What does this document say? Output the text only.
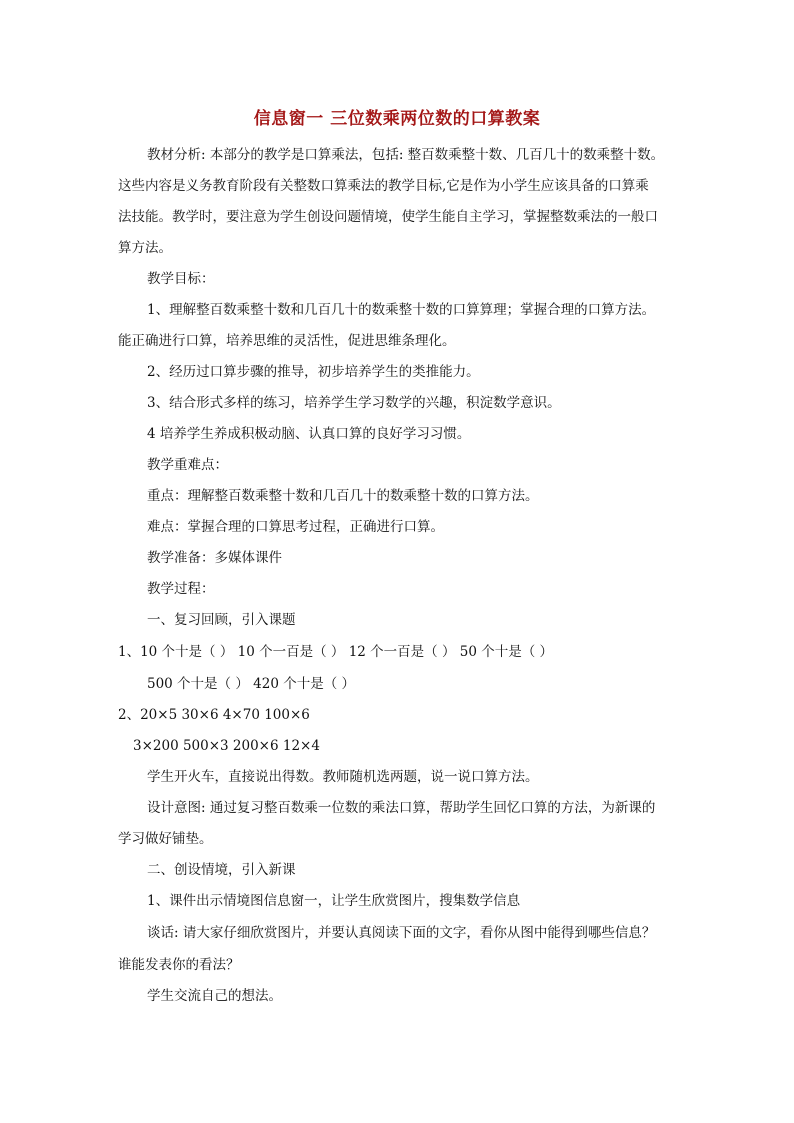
信息窗一 三位数乘两位数的口算教案
教材分析: 本部分的教学是口算乘法，包括: 整百数乘整十数、几百几十的数乘整十数。
这些内容是义务教育阶段有关整数口算乘法的教学目标,它是作为小学生应该具备的口算乘
法技能。教学时，要注意为学生创设问题情境，使学生能自主学习，掌握整数乘法的一般口
算方法。
教学目标：
1、理解整百数乘整十数和几百几十的数乘整十数的口算算理；掌握合理的口算方法。
能正确进行口算，培养思维的灵活性，促进思维条理化。
2、经历过口算步骤的推导，初步培养学生的类推能力。
3、结合形式多样的练习，培养学生学习数学的兴趣，积淀数学意识。
4 培养学生养成积极动脑、认真口算的良好学习习惯。
教学重难点：
重点：理解整百数乘整十数和几百几十的数乘整十数的口算方法。
难点：掌握合理的口算思考过程，正确进行口算。
教学准备：多媒体课件
教学过程：
一、复习回顾，引入课题
1、10 个十是（ ） 10 个一百是（ ） 12 个一百是（ ） 50 个十是（ ）
500 个十是（ ） 420 个十是（ ）
2、20×5 30×6 4×70 100×6
3×200 500×3 200×6 12×4
学生开火车，直接说出得数。教师随机选两题，说一说口算方法。
设计意图: 通过复习整百数乘一位数的乘法口算，帮助学生回忆口算的方法，为新课的
学习做好铺垫。
二、创设情境，引入新课
1、课件出示情境图信息窗一，让学生欣赏图片，搜集数学信息
谈话: 请大家仔细欣赏图片，并要认真阅读下面的文字，看你从图中能得到哪些信息？
谁能发表你的看法？
学生交流自己的想法。
